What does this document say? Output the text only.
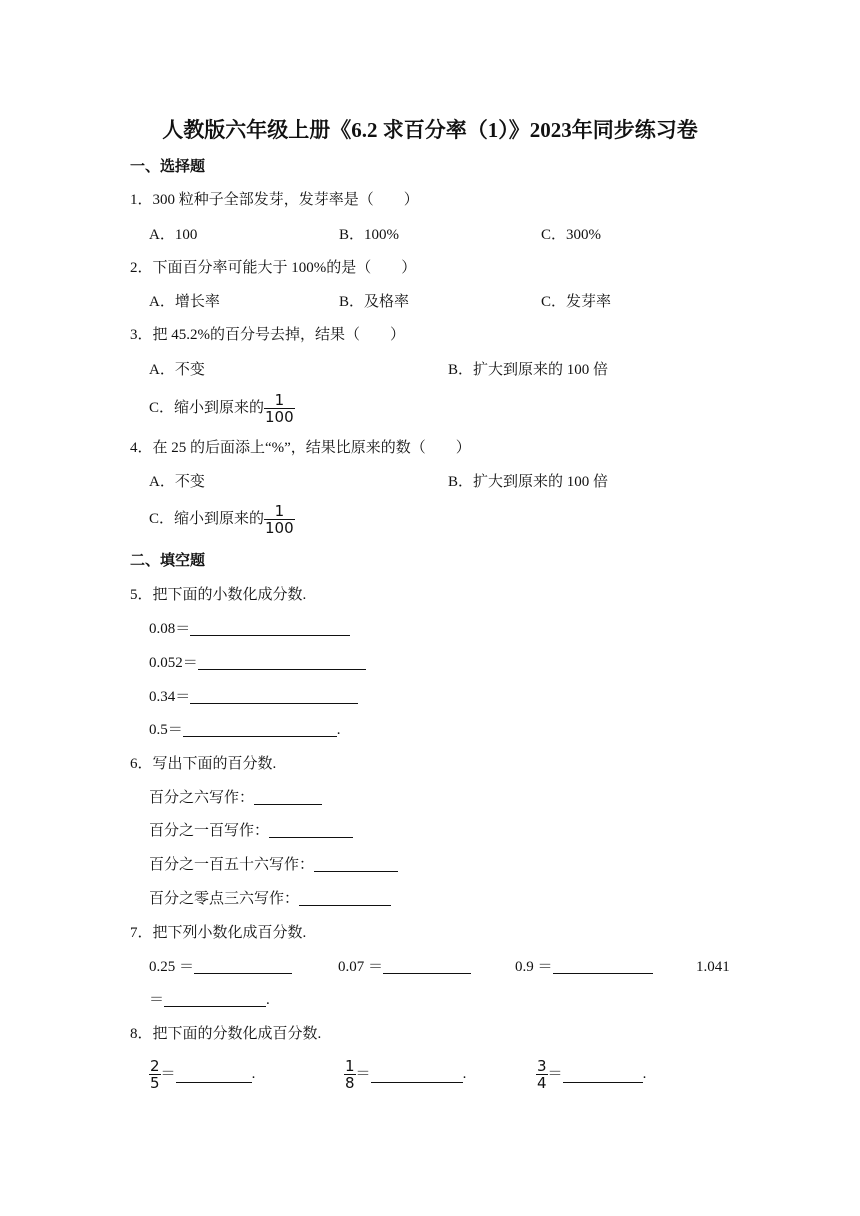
人教版六年级上册《6.2 求百分率（1）》2023年同步练习卷
一、选择题
1．300 粒种子全部发芽，发芽率是（　　）
A．100	B．100%	C．300%
2．下面百分率可能大于 100%的是（　　）
A．增长率	B．及格率	C．发芽率
3．把 45.2%的百分号去掉，结果（　　）
A．不变	B．扩大到原来的 100 倍
C．缩小到原来的 $\frac{1}{100}$
4．在 25 的后面添上“%”，结果比原来的数（　　）
A．不变	B．扩大到原来的 100 倍
C．缩小到原来的 $\frac{1}{100}$
二、填空题
5．把下面的小数化成分数.
0.08＝
0.052＝
0.34＝
0.5＝	.
6．写出下面的百分数.
百分之六写作：
百分之一百写作：
百分之一百五十六写作：
百分之零点三六写作：
7．把下列小数化成百分数.
0.25 ＝	0.07 ＝	0.9 ＝	1.041
＝	.
8．把下面的分数化成百分数.
$\frac{2}{5}$ ＝	.	$\frac{1}{8}$ ＝	.	$\frac{3}{4}$ ＝	.
